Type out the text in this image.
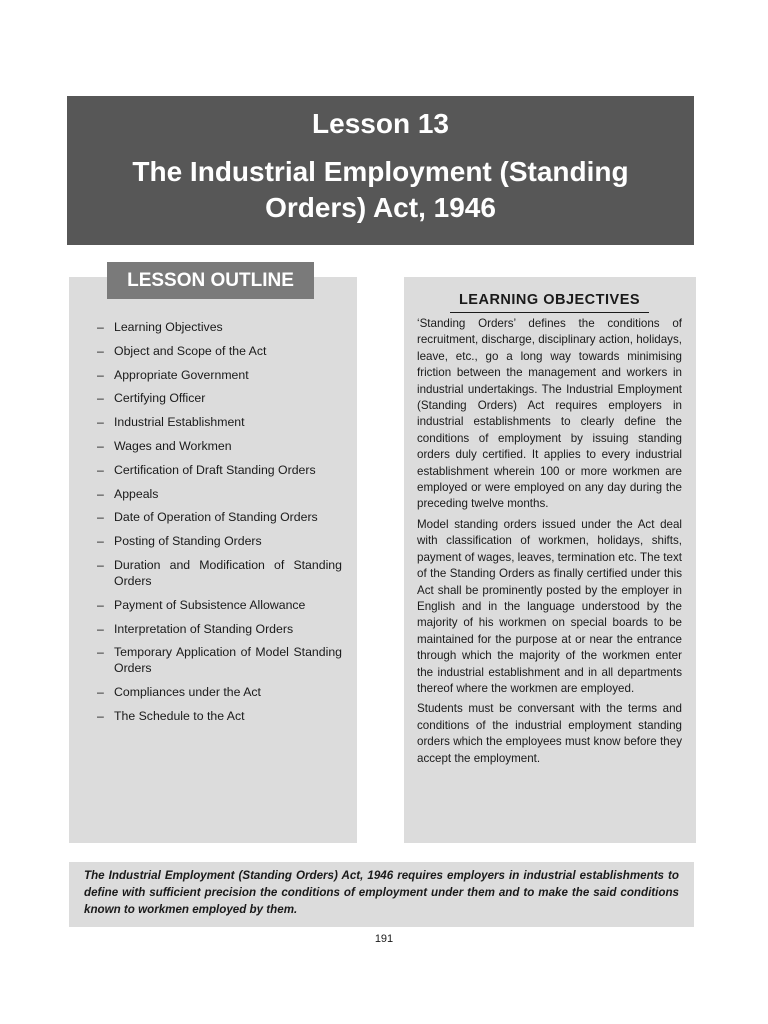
Lesson 13
The Industrial Employment (Standing Orders) Act, 1946
LESSON OUTLINE
– Learning Objectives
– Object and Scope of the Act
– Appropriate Government
– Certifying Officer
– Industrial Establishment
– Wages and Workmen
– Certification of Draft Standing Orders
– Appeals
– Date of Operation of Standing Orders
– Posting of Standing Orders
– Duration and Modification of Standing Orders
– Payment of Subsistence Allowance
– Interpretation of Standing Orders
– Temporary Application of Model Standing Orders
– Compliances under the Act
– The Schedule to the Act
LEARNING OBJECTIVES

‘Standing Orders’ defines the conditions of recruitment, discharge, disciplinary action, holidays, leave, etc., go a long way towards minimising friction between the management and workers in industrial undertakings. The Industrial Employment (Standing Orders) Act requires employers in industrial establishments to clearly define the conditions of employment by issuing standing orders duly certified. It applies to every industrial establishment wherein 100 or more workmen are employed or were employed on any day during the preceding twelve months.

Model standing orders issued under the Act deal with classification of workmen, holidays, shifts, payment of wages, leaves, termination etc. The text of the Standing Orders as finally certified under this Act shall be prominently posted by the employer in English and in the language understood by the majority of his workmen on special boards to be maintained for the purpose at or near the entrance through which the majority of the workmen enter the industrial establishment and in all departments thereof where the workmen are employed.

Students must be conversant with the terms and conditions of the industrial employment standing orders which the employees must know before they accept the employment.

The Industrial Employment (Standing Orders) Act, 1946 requires employers in industrial establishments to define with sufficient precision the conditions of employment under them and to make the said conditions known to workmen employed by them.
191
